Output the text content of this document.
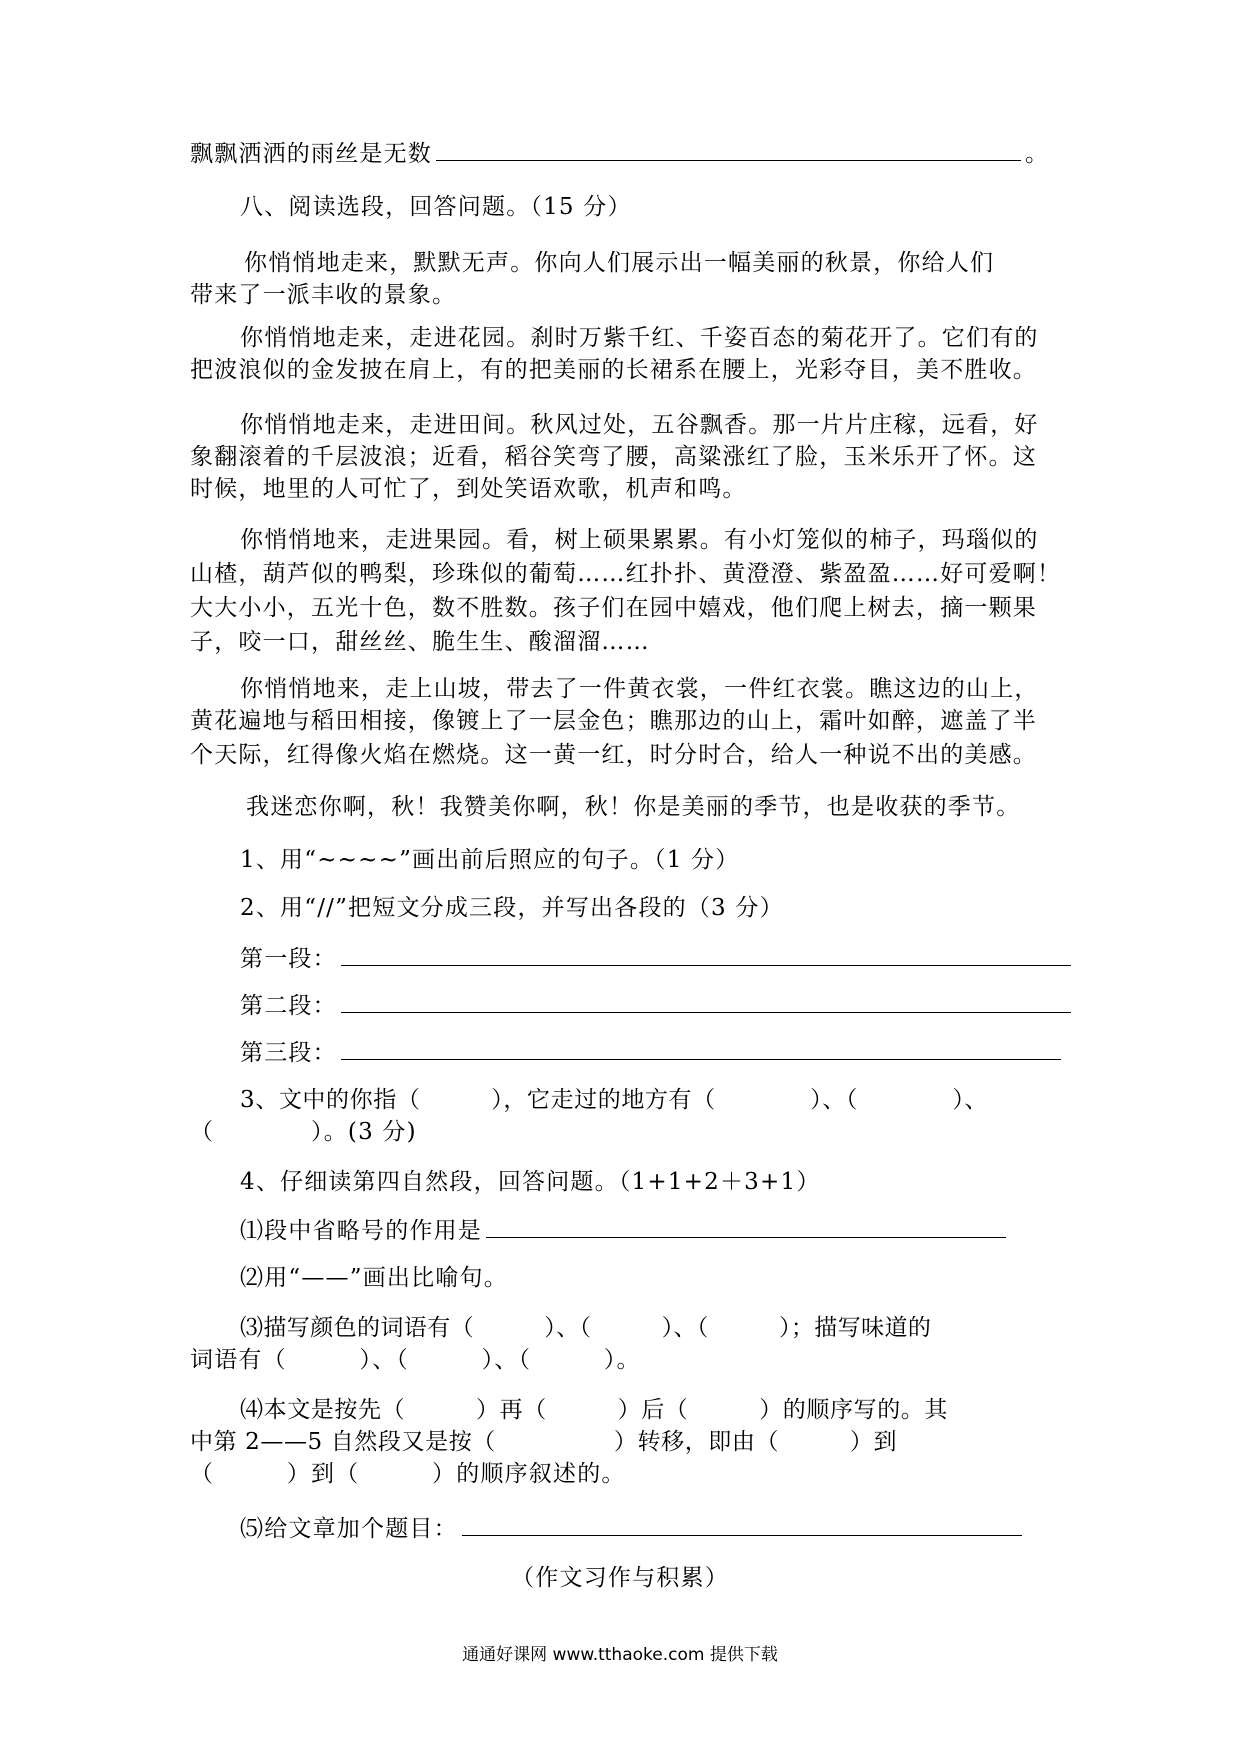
飘飘洒洒的雨丝是无数	。
八、阅读选段，回答问题。（15 分）
你悄悄地走来，默默无声。你向人们展示出一幅美丽的秋景，你给人们
带来了一派丰收的景象。
你悄悄地走来，走进花园。刹时万紫千红、千姿百态的菊花开了。它们有的
把波浪似的金发披在肩上，有的把美丽的长裙系在腰上，光彩夺目，美不胜收。
你悄悄地走来，走进田间。秋风过处，五谷飘香。那一片片庄稼，远看，好
象翻滚着的千层波浪；近看，稻谷笑弯了腰，高粱涨红了脸，玉米乐开了怀。这
时候，地里的人可忙了，到处笑语欢歌，机声和鸣。
你悄悄地来，走进果园。看，树上硕果累累。有小灯笼似的柿子，玛瑙似的
山楂，葫芦似的鸭梨，珍珠似的葡萄……红扑扑、黄澄澄、紫盈盈……好可爱啊！
大大小小，五光十色，数不胜数。孩子们在园中嬉戏，他们爬上树去，摘一颗果
子，咬一口，甜丝丝、脆生生、酸溜溜……
你悄悄地来，走上山坡，带去了一件黄衣裳，一件红衣裳。瞧这边的山上，
黄花遍地与稻田相接，像镀上了一层金色；瞧那边的山上，霜叶如醉，遮盖了半
个天际，红得像火焰在燃烧。这一黄一红，时分时合，给人一种说不出的美感。
我迷恋你啊，秋！我赞美你啊，秋！你是美丽的季节，也是收获的季节。
1、用“~~~~”画出前后照应的句子。（1 分）
2、用“//”把短文分成三段，并写出各段的（3 分）
第一段：
第二段：
第三段：
3、文中的你指（　　　），它走过的地方有（　　　　）、（　　　　）、
（　　　　）。(3 分)
4、仔细读第四自然段，回答问题。（1+1+2＋3+1）
⑴段中省略号的作用是
⑵用“——”画出比喻句。
⑶描写颜色的词语有（　　　）、（　　　）、（　　　）；描写味道的
词语有（　　　）、（　　　）、（　　　）。
⑷本文是按先（　　　）再（　　　）后（　　　）的顺序写的。其
中第 2——5 自然段又是按（　　　　　）转移，即由（　　　）到
（　　　）到（　　　）的顺序叙述的。
⑸给文章加个题目：
（作文习作与积累）
通通好课网 www.tthaoke.com 提供下载
